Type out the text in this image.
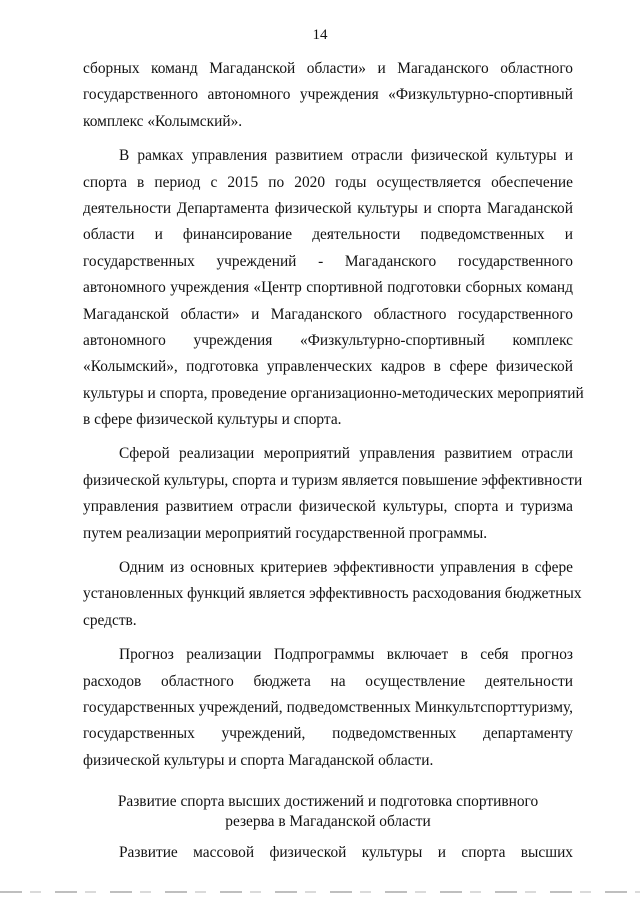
14
сборных команд Магаданской области» и Магаданского областного
государственного автономного учреждения «Физкультурно-спортивный
комплекс «Колымский».
В рамках управления развитием отрасли физической культуры и
спорта в период с 2015 по 2020 годы осуществляется обеспечение
деятельности Департамента физической культуры и спорта Магаданской
области и финансирование деятельности подведомственных и
государственных учреждений - Магаданского государственного
автономного учреждения «Центр спортивной подготовки сборных команд
Магаданской области» и Магаданского областного государственного
автономного учреждения «Физкультурно-спортивный комплекс
«Колымский», подготовка управленческих кадров в сфере физической
культуры и спорта, проведение организационно-методических мероприятий
в сфере физической культуры и спорта.
Сферой реализации мероприятий управления развитием отрасли
физической культуры, спорта и туризм является повышение эффективности
управления развитием отрасли физической культуры, спорта и туризма
путем реализации мероприятий государственной программы.
Одним из основных критериев эффективности управления в сфере
установленных функций является эффективность расходования бюджетных
средств.
Прогноз реализации Подпрограммы включает в себя прогноз
расходов областного бюджета на осуществление деятельности
государственных учреждений, подведомственных Минкультспорттуризму,
государственных учреждений, подведомственных департаменту
физической культуры и спорта Магаданской области.
Развитие спорта высших достижений и подготовка спортивного
резерва в Магаданской области
Развитие массовой физической культуры и спорта высших
